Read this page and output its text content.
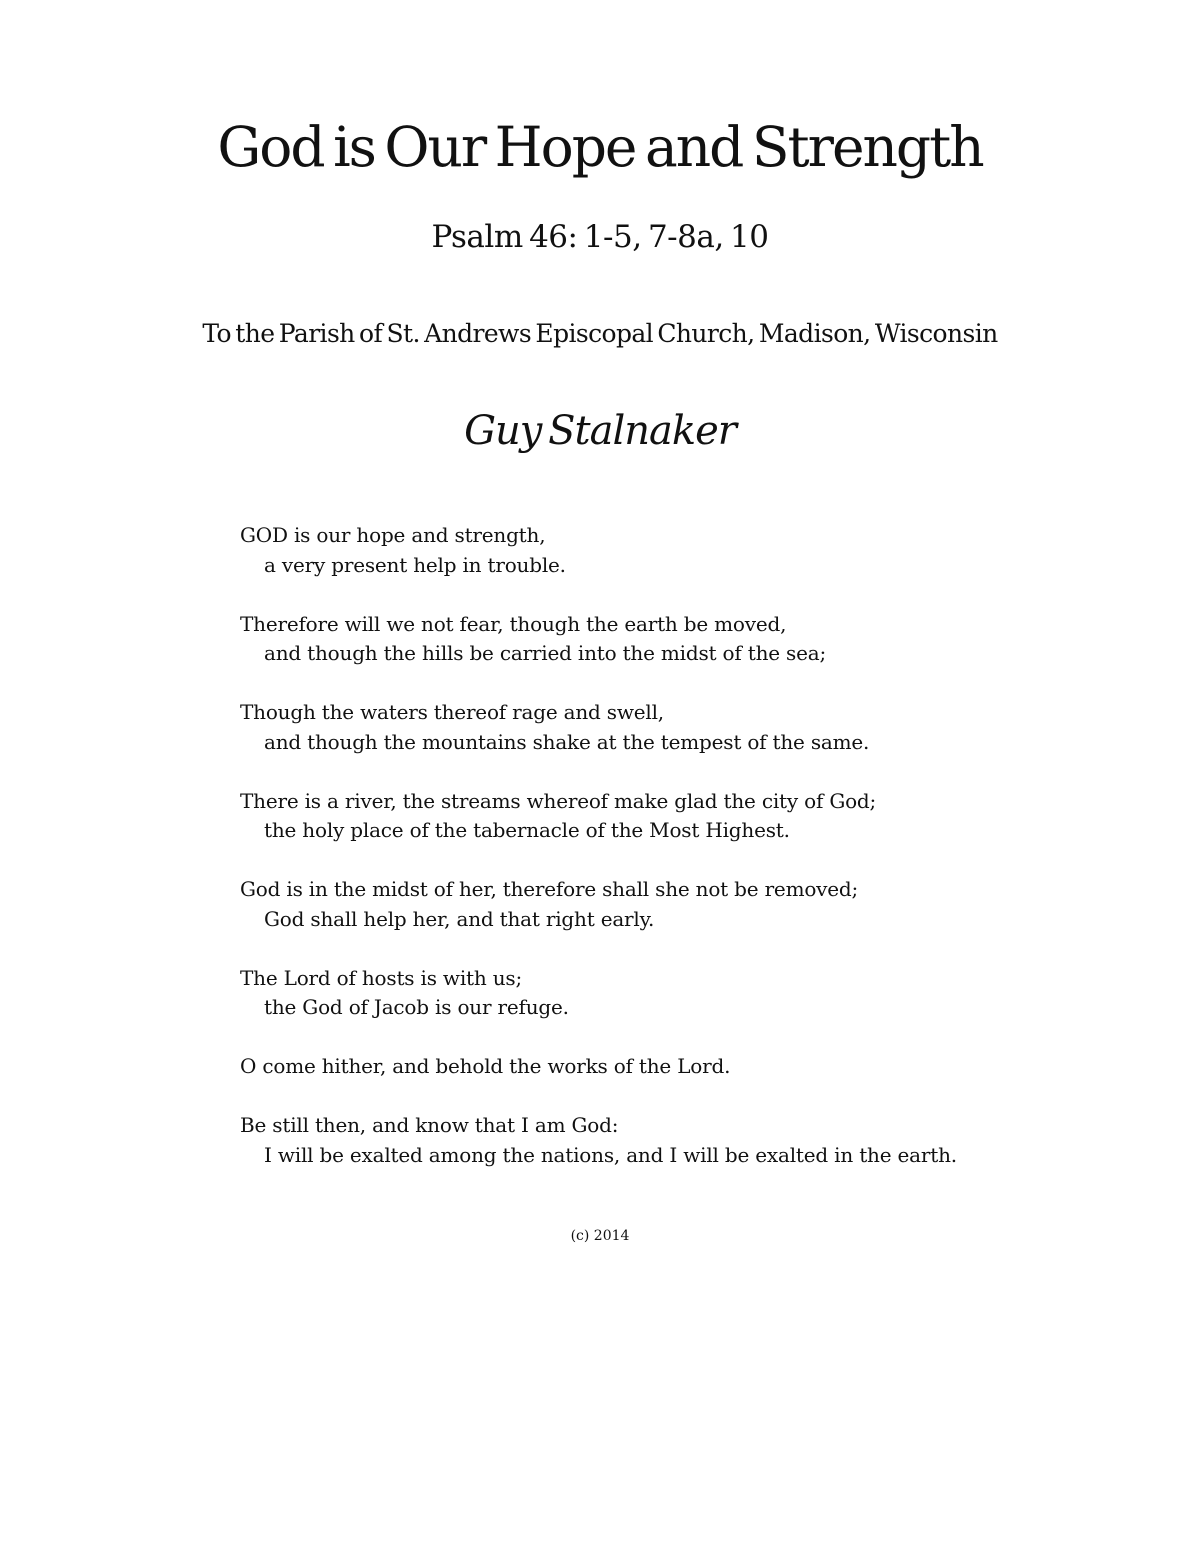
God is Our Hope and Strength
Psalm 46: 1-5, 7-8a, 10

To the Parish of St. Andrews Episcopal Church, Madison, Wisconsin

Guy Stalnaker

GOD is our hope and strength,
a very present help in trouble.

Therefore will we not fear, though the earth be moved,
and though the hills be carried into the midst of the sea;

Though the waters thereof rage and swell,
and though the mountains shake at the tempest of the same.

There is a river, the streams whereof make glad the city of God;
the holy place of the tabernacle of the Most Highest.

God is in the midst of her, therefore shall she not be removed;
God shall help her, and that right early.

The Lord of hosts is with us;
the God of Jacob is our refuge.

O come hither, and behold the works of the Lord.

Be still then, and know that I am God:
I will be exalted among the nations, and I will be exalted in the earth.

(c) 2014
